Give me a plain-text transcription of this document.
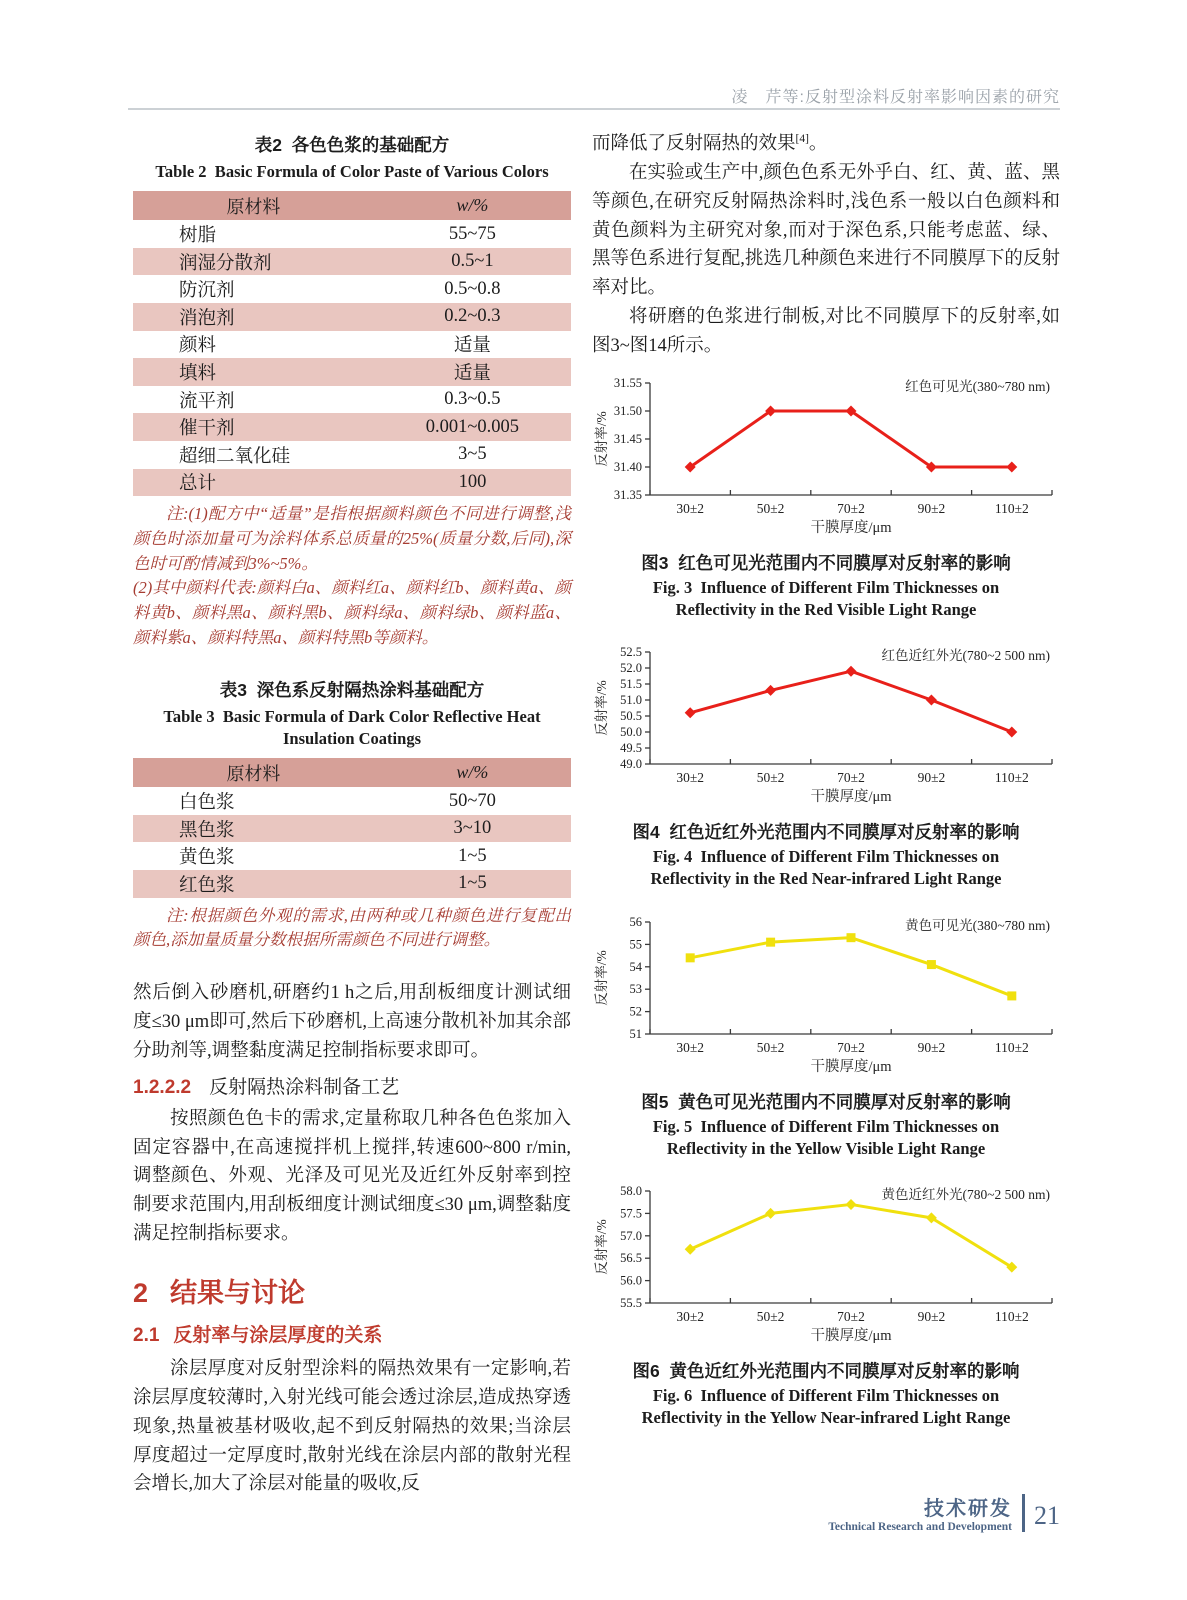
凌　芹等:反射型涂料反射率影响因素的研究
表2  各色色浆的基础配方
Table 2  Basic Formula of Color Paste of Various Colors
原材料	w/%
树脂	55~75
润湿分散剂	0.5~1
防沉剂	0.5~0.8
消泡剂	0.2~0.3
颜料	适量
填料	适量
流平剂	0.3~0.5
催干剂	0.001~0.005
超细二氧化硅	3~5
总计	100

注:(1)配方中“适量”是指根据颜料颜色不同进行调整,浅颜色时添加量可为涂料体系总质量的25%(质量分数,后同),深色时可酌情减到3%~5%。
(2)其中颜料代表:颜料白a、颜料红a、颜料红b、颜料黄a、颜料黄b、颜料黑a、颜料黑b、颜料绿a、颜料绿b、颜料蓝a、颜料紫a、颜料特黑a、颜料特黑b等颜料。

表3  深色系反射隔热涂料基础配方
Table 3  Basic Formula of Dark Color Reflective Heat
Insulation Coatings
原材料	w/%
白色浆	50~70
黑色浆	3~10
黄色浆	1~5
红色浆	1~5

注:根据颜色外观的需求,由两种或几种颜色进行复配出颜色,添加量质量分数根据所需颜色不同进行调整。

然后倒入砂磨机,研磨约1 h之后,用刮板细度计测试细度≤30 μm即可,然后下砂磨机,上高速分散机补加其余部分助剂等,调整黏度满足控制指标要求即可。

1.2.2.2 反射隔热涂料制备工艺

按照颜色色卡的需求,定量称取几种各色色浆加入固定容器中,在高速搅拌机上搅拌,转速600~800 r/min,调整颜色、外观、光泽及可见光及近红外反射率到控制要求范围内,用刮板细度计测试细度≤30 μm,调整黏度满足控制指标要求。

2 结果与讨论
2.1 反射率与涂层厚度的关系

涂层厚度对反射型涂料的隔热效果有一定影响,若涂层厚度较薄时,入射光线可能会透过涂层,造成热穿透现象,热量被基材吸收,起不到反射隔热的效果;当涂层厚度超过一定厚度时,散射光线在涂层内部的散射光程会增长,加大了涂层对能量的吸收,反

而降低了反射隔热的效果[4]。

在实验或生产中,颜色色系无外乎白、红、黄、蓝、黑等颜色,在研究反射隔热涂料时,浅色系一般以白色颜料和黄色颜料为主研究对象,而对于深色系,只能考虑蓝、绿、黑等色系进行复配,挑选几种颜色来进行不同膜厚下的反射率对比。

将研磨的色浆进行制板,对比不同膜厚下的反射率,如图3~图14所示。

31.35
31.40
31.45
31.50
31.55
30±2	50±2	70±2	90±2	110±2
干膜厚度/μm
反射率/%
红色可见光(380~780 nm)
图3  红色可见光范围内不同膜厚对反射率的影响
Fig. 3  Influence of Different Film Thicknesses on
Reflectivity in the Red Visible Light Range
49.0
49.5
50.0
50.5
51.0
51.5
52.0
52.5
30±2	50±2	70±2	90±2	110±2
干膜厚度/μm
反射率/%
红色近红外光(780~2 500 nm)
图4  红色近红外光范围内不同膜厚对反射率的影响
Fig. 4  Influence of Different Film Thicknesses on
Reflectivity in the Red Near-infrared Light Range
51
52
53
54
55
56
30±2	50±2	70±2	90±2	110±2
干膜厚度/μm
反射率/%
黄色可见光(380~780 nm)
图5  黄色可见光范围内不同膜厚对反射率的影响
Fig. 5  Influence of Different Film Thicknesses on
Reflectivity in the Yellow Visible Light Range
55.5
56.0
56.5
57.0
57.5
58.0
30±2	50±2	70±2	90±2	110±2
干膜厚度/μm
反射率/%
黄色近红外光(780~2 500 nm)
图6  黄色近红外光范围内不同膜厚对反射率的影响
Fig. 6  Influence of Different Film Thicknesses on
Reflectivity in the Yellow Near-infrared Light Range
技术研发
Technical Research and Development 21
